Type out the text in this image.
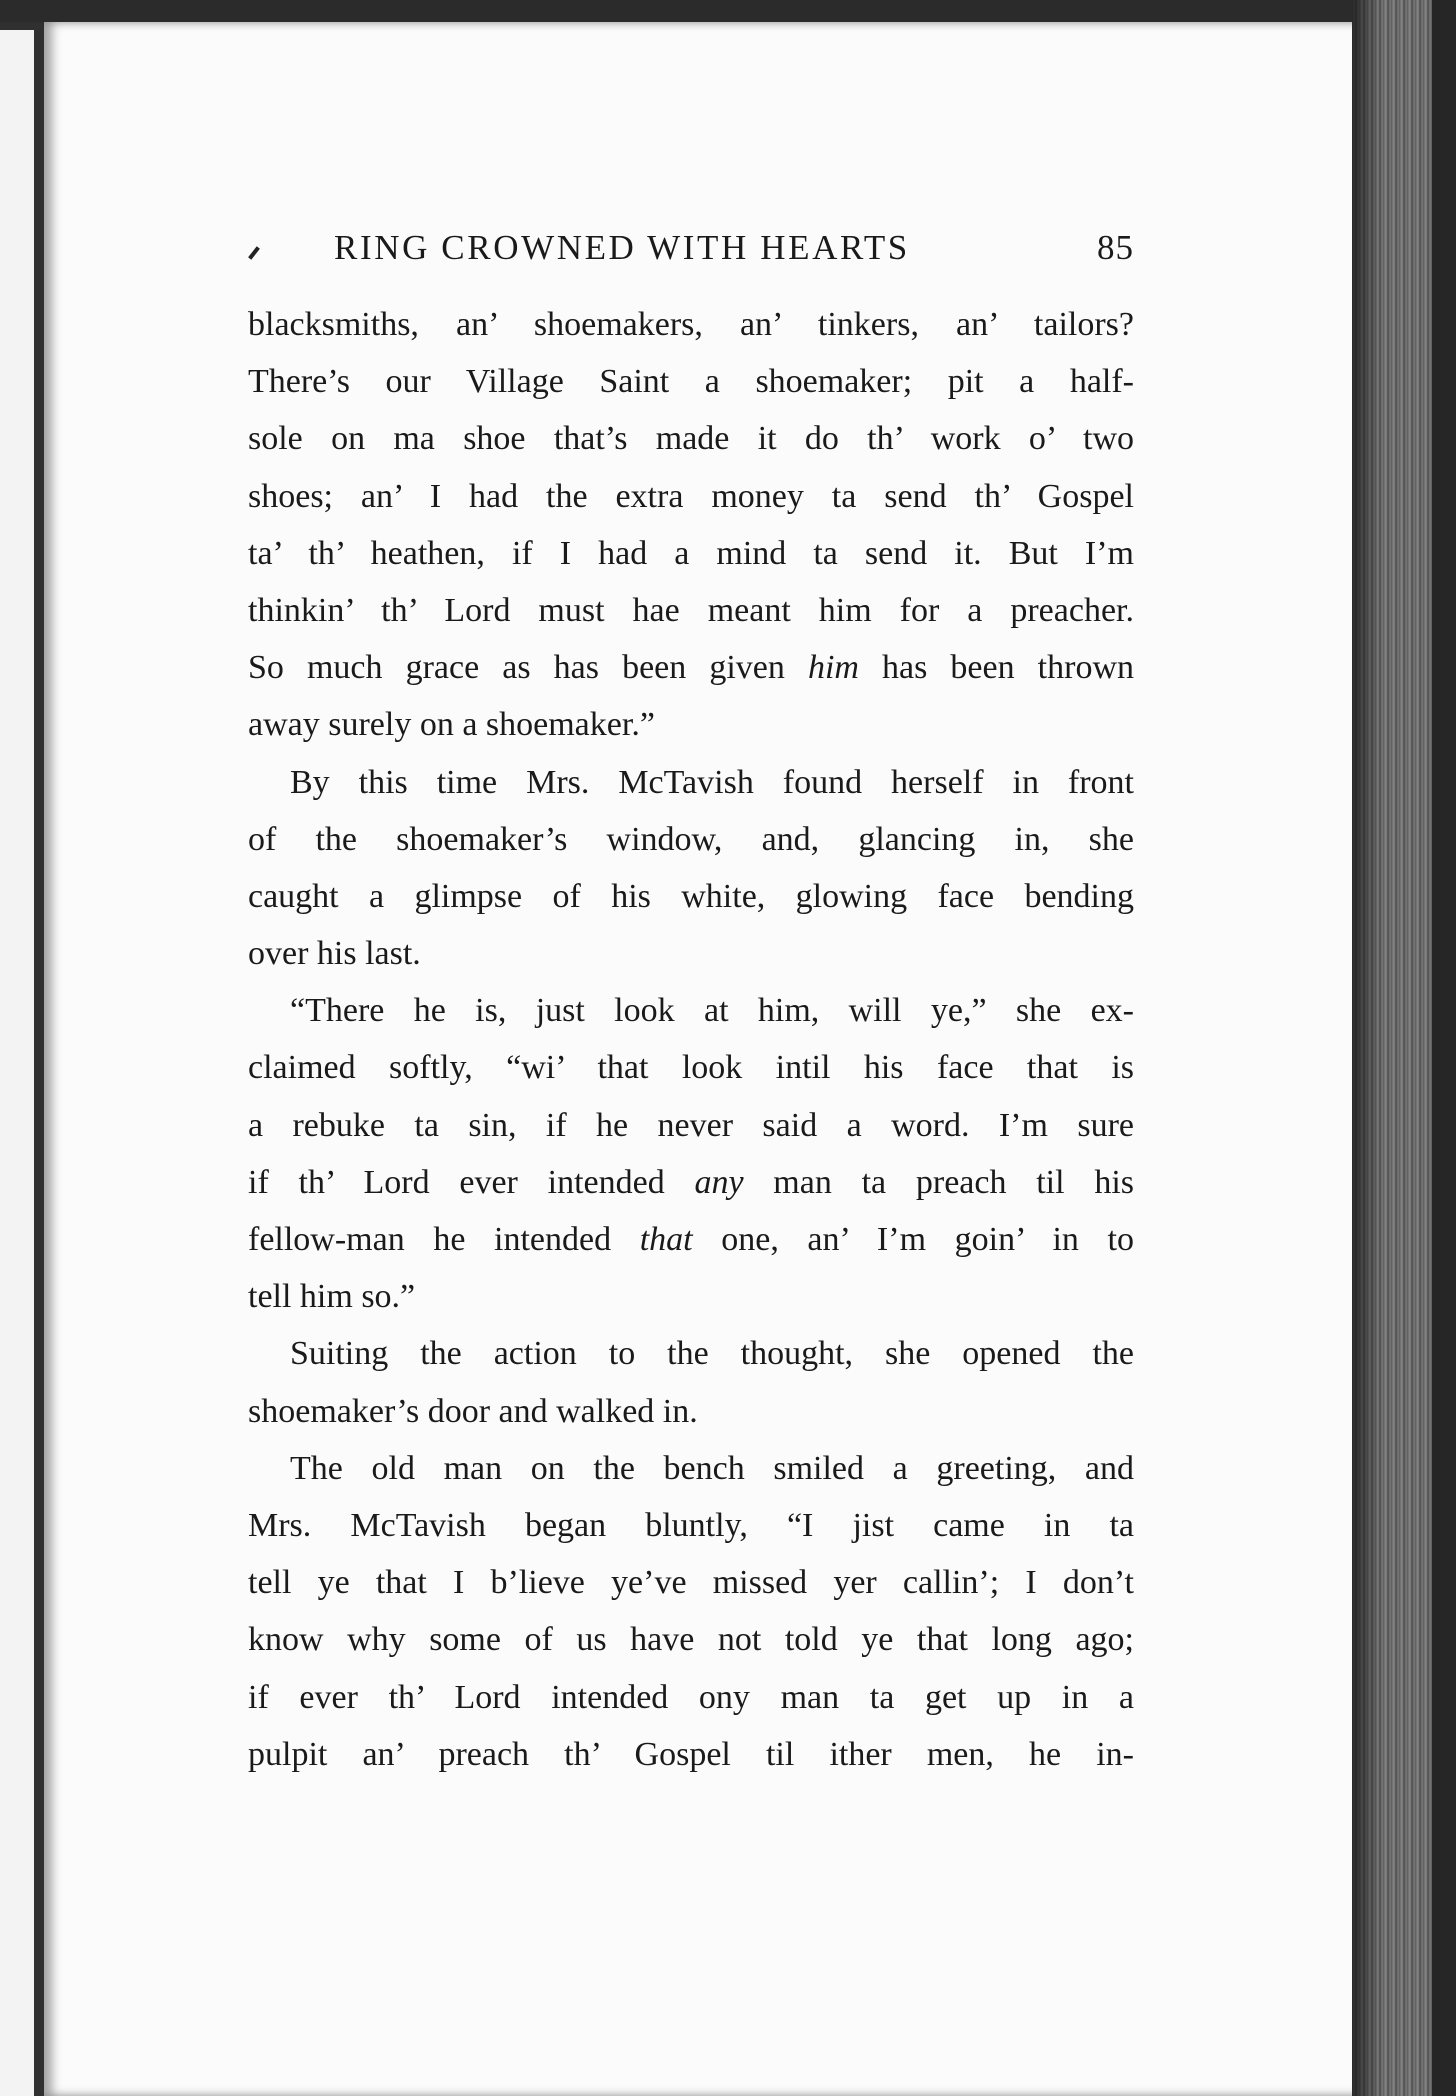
RING CROWNED WITH HEARTS	85
blacksmiths, an’ shoemakers, an’ tinkers, an’ tailors?
There’s our Village Saint a shoemaker; pit a half-
sole on ma shoe that’s made it do th’ work o’ two
shoes; an’ I had the extra money ta send th’ Gospel
ta’ th’ heathen, if I had a mind ta send it. But I’m
thinkin’ th’ Lord must hae meant him for a preacher.
So much grace as has been given him has been thrown
away surely on a shoemaker.”
By this time Mrs. McTavish found herself in front
of the shoemaker’s window, and, glancing in, she
caught a glimpse of his white, glowing face bending
over his last.
“There he is, just look at him, will ye,” she ex-
claimed softly, “wi’ that look intil his face that is
a rebuke ta sin, if he never said a word. I’m sure
if th’ Lord ever intended any man ta preach til his
fellow-man he intended that one, an’ I’m goin’ in to
tell him so.”
Suiting the action to the thought, she opened the
shoemaker’s door and walked in.
The old man on the bench smiled a greeting, and
Mrs. McTavish began bluntly, “I jist came in ta
tell ye that I b’lieve ye’ve missed yer callin’; I don’t
know why some of us have not told ye that long ago;
if ever th’ Lord intended ony man ta get up in a
pulpit an’ preach th’ Gospel til ither men, he in-
